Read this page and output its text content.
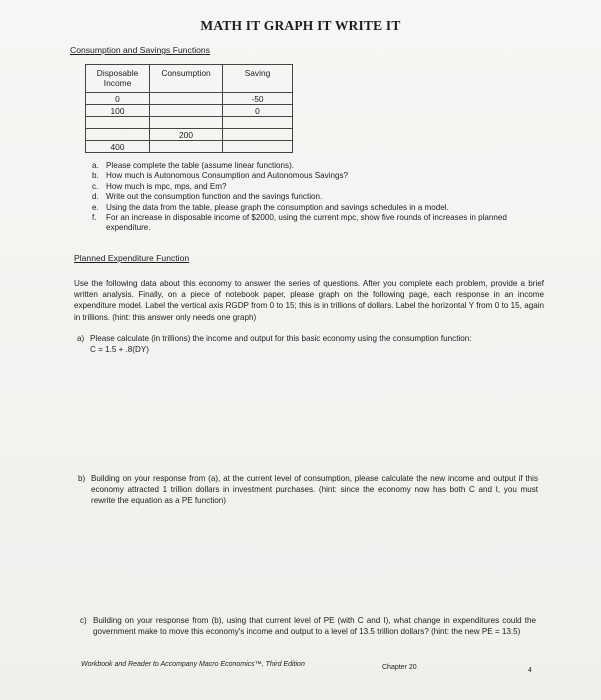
MATH IT GRAPH IT WRITE IT
Consumption and Savings Functions
Disposable Income	Consumption	Saving
0		-50
100		0

	200	
400		
a. Please complete the table (assume linear functions).
b. How much is Autonomous Consumption and Autonomous Savings?
c. How much is mpc, mps, and Em?
d. Write out the consumption function and the savings function.
e. Using the data from the table, please graph the consumption and savings schedules in a model.
f.	For an increase in disposable income of $2000, using the current mpc, show five rounds of increases in planned expenditure.
Planned Expenditure Function
Use the following data about this economy to answer the series of questions. After you complete each problem, provide a brief written analysis. Finally, on a piece of notebook paper, please graph on the following page, each response in an income expenditure model. Label the vertical axis RGDP from 0 to 15; this is in trillions of dollars. Label the horizontal Y from 0 to 15, again in trillions. (hint: this answer only needs one graph)
a) Please calculate (in trillions) the income and output for this basic economy using the consumption function:
C = 1.5 + .8(DY)
b) Building on your response from (a), at the current level of consumption, please calculate the new income and output if this economy attracted 1 trillion dollars in investment purchases. (hint: since the economy now has both C and I, you must rewrite the equation as a PE function)
c) Building on your response from (b), using that current level of PE (with C and I), what change in expenditures could the government make to move this economy's income and output to a level of 13.5 trillion dollars? (hint: the new PE = 13.5)
Workbook and Reader to Accompany Macro Economics™, Third Edition	Chapter 20	4
